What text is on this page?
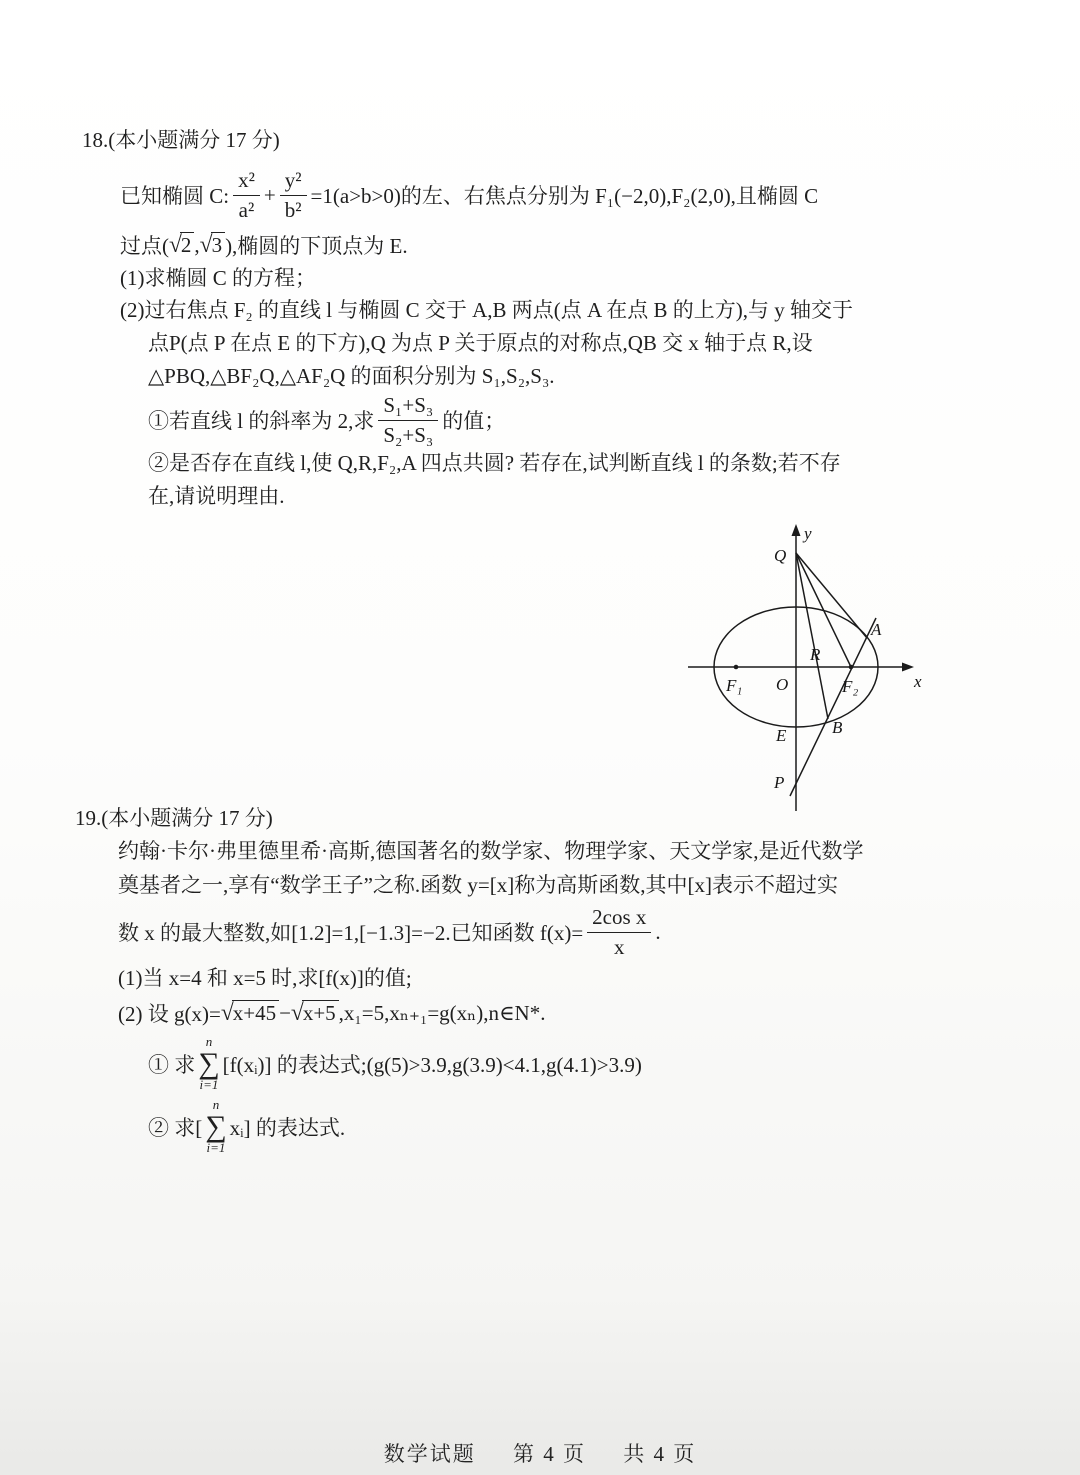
18.(本小题满分 17 分)
已知椭圆 C: $\frac{\text{x²}}{\text{a²}} + \frac{\text{y²}}{\text{b²}} =1(a>b>0)$的左、右焦点分别为 F₁(−2,0),F₂(2,0),且椭圆 C
过点( √2 , √3 ),椭圆的下顶点为 E.
(1)求椭圆 C 的方程；
(2)过右焦点 F₂ 的直线 l 与椭圆 C 交于 A,B 两点(点 A 在点 B 的上方),与 y 轴交于
点P(点 P 在点 E 的下方),Q 为点 P 关于原点的对称点,QB 交 x 轴于点 R,设
△PBQ,△BF₂Q,△AF₂Q 的面积分别为 S₁,S₂,S₃.
①若直线 l 的斜率为 2,求 $\frac{\text{S₁+S₃}}{\text{S₂+S₃}}$ 的值；
②是否存在直线 l,使 Q,R,F₂,A 四点共圆? 若存在,试判断直线 l 的条数;若不存
在,请说明理由.
y
x
Q
A
R
F₁ O	F₂
E	B
P
19.(本小题满分 17 分)
约翰·卡尔·弗里德里希·高斯,德国著名的数学家、物理学家、天文学家,是近代数学
奠基者之一,享有“数学王子”之称.函数 y=[x]称为高斯函数,其中[x]表示不超过实
数 x 的最大整数,如[1.2]=1,[−1.3]=−2.已知函数 $f(x)= \frac{\text{2cos x}}{x}$ .
(1)当 x=4 和 x=5 时,求[f(x)]的值;
(2) 设 g(x)= √x+45 − √x+5 ,x₁=5,xₙ₊₁=g(xₙ),n∈N*.
① 求
n
∑
i=1
[f(xᵢ)] 的表达式;(g(5)>3.9,g(3.9)<4.1,g(4.1)>3.9)
② 求[
n
∑
i=1
xᵢ] 的表达式.
数学试题 第 4 页 共 4 页
